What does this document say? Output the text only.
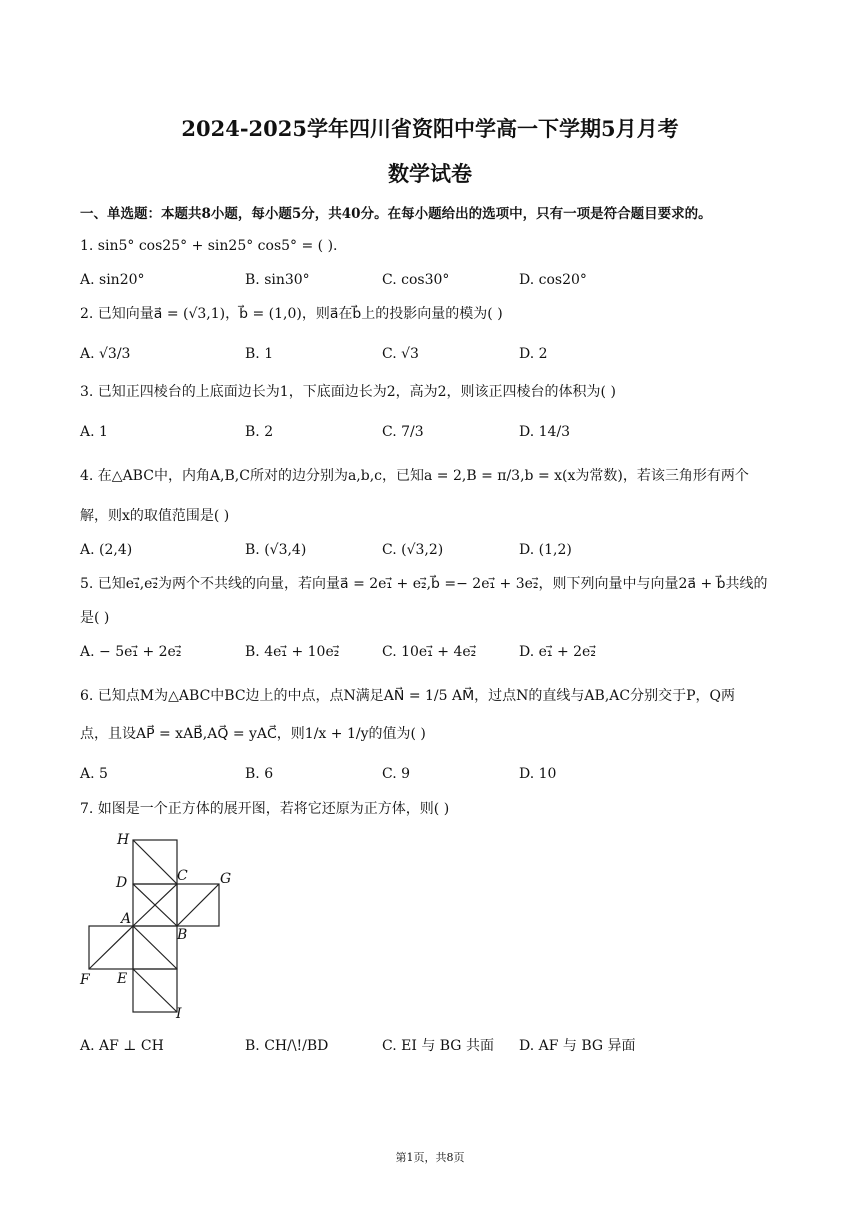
2024-2025学年四川省资阳中学高一下学期5月月考
数学试卷
一、单选题：本题共8小题，每小题5分，共40分。在每小题给出的选项中，只有一项是符合题目要求的。
1. sin5° cos25° + sin25° cos5° = ( ).
A. sin20°	B. sin30°	C. cos30°	D. cos20°
2. 已知向量a⃗ = (√3,1)，b⃗ = (1,0)，则a⃗在b⃗上的投影向量的模为( )
A. √3/3	B. 1	C. √3	D. 2
3. 已知正四棱台的上底面边长为1，下底面边长为2，高为2，则该正四棱台的体积为( )
A. 1	B. 2	C. 7/3	D. 14/3
4. 在△ABC中，内角A,B,C所对的边分别为a,b,c，已知a = 2,B = π/3,b = x(x为常数)，若该三角形有两个
解，则x的取值范围是( )
A. (2,4)	B. (√3,4)	C. (√3,2)	D. (1,2)
5. 已知e₁⃗,e₂⃗为两个不共线的向量，若向量a⃗ = 2e₁⃗ + e₂⃗,b⃗ =− 2e₁⃗ + 3e₂⃗，则下列向量中与向量2a⃗ + b⃗共线的
是( )
A. − 5e₁⃗ + 2e₂⃗	B. 4e₁⃗ + 10e₂⃗	C. 10e₁⃗ + 4e₂⃗	D. e₁⃗ + 2e₂⃗
6. 已知点M为△ABC中BC边上的中点，点N满足AN⃗ = 1/5 AM⃗，过点N的直线与AB,AC分别交于P，Q两
点，且设AP⃗ = xAB⃗,AQ⃗ = yAC⃗，则1/x + 1/y的值为( )
A. 5	B. 6	C. 9	D. 10
7. 如图是一个正方体的展开图，若将它还原为正方体，则( )
H
D	C G
A
B
F E
I
A. AF ⊥ CH	B. CH/\!/BD	C. EI 与 BG 共面 D. AF 与 BG 异面
第1页，共8页
